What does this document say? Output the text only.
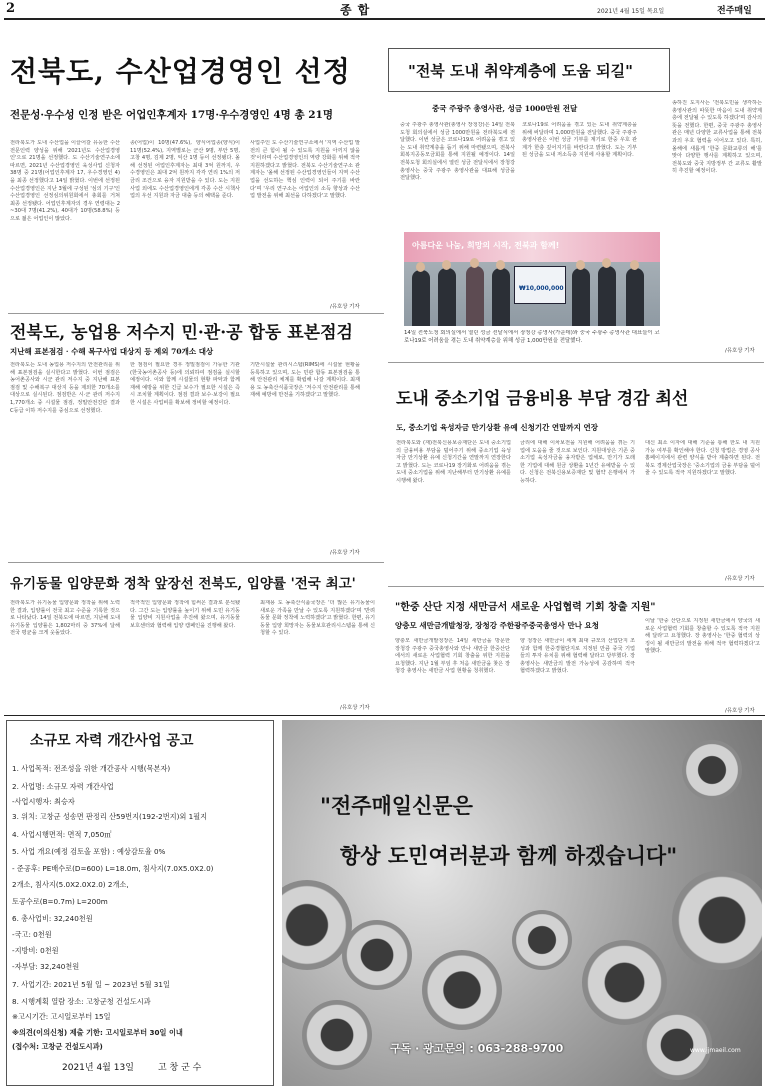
2	종합	2021년 4월 15일 목요일	전주매일
전북도, 수산업경영인 선정
전문성·우수성 인정 받은 어업인후계자 17명·우수경영인 4명 총 21명
전라북도가 도내 수산업을 이끌어갈 유능한 수산 전문인력 양성을 위해 '2021년도 수산업경영인'으로 21명을 선정했다. 도 수산기술연구소에 따르면, 2021년 수산업경영인 육성사업 신청자 38명 중 21명(어업인후계자 17, 우수경영인 4)을 최종 선정했다고 14일 밝혔다. 이번에 선정된 수산업경영인은 지난 3월에 구성된 '심의 기구'인 수산업경영인 선정심의위원회에서 총회를 거쳐 최종 선정됐다. 어업인후계자의 경우 연령대는 2~30대 7명(41.2%), 40대가 10명(58.8%) 등으로 젊은 어업인이 많았다.
종(어업)이 10명(47.6%), 양식어업종(양식)이 11명(52.4%), 지역별로는 군산 9명, 부안 5명, 고창 4명, 김제 2명, 익산 1명 등이 선정됐다. 올해 선정된 어업인후계자는 최대 3억 원까지, 우수경영인은 최대 2억 원까지 각각 연리 1%의 저금리 조건으로 융자 지원받을 수 있다. 도는 지원사업 외에도 수산업경영인에게 각종 수산 시책사업의 우선 지원과 자금 대출 등의 혜택을 준다.
사업주인 도 수산기술연구소에서 '지역 수산업 발전의 큰 힘이 될 수 있도록 지원을 아끼지 않을 것'이라며 수산업경영인의 역량 강화를 위해 적극 지원하겠다고 밝혔다. 전북도 수산기술연구소 관계자는 '올해 선정된 수산업경영인들이 지역 수산업을 선도하는 핵심 인력이 되어 주기를 바란다'며 '우리 연구소는 어업인의 소득 향상과 수산업 발전을 위해 최선을 다하겠다'고 말했다.
/유호상 기자
"전북 도내 취약계층에 도움 되길"
중국 주광주 총영사관, 성금 1000만원 전달
중국 주광주 총영사관(총영사 장청강)은 14일 전북도청 회의실에서 성금 1000만원을 전라북도에 전달했다. 이번 성금은 코로나19로 어려움을 겪고 있는 도내 취약계층을 돕기 위해 마련됐으며, 전북사회복지공동모금회를 통해 지원될 예정이다. 14일 전북도청 회의실에서 열린 성금 전달식에서 장청강 총영사는 중국 주광주 총영사관을 대표해 성금을 전달했다.
코로나19로 어려움을 겪고 있는 도내 취약계층을 위해 써달라며 1,000만원을 전달했다. 중국 주광주 총영사관은 이번 성금 기부를 계기로 한중 우호 관계가 한층 깊어지기를 바란다고 밝혔다. 도는 기부된 성금을 도내 저소득층 지원에 사용할 계획이다.
송하진 도지사는 '전북도민을 생각하는 총영사관의 따뜻한 마음이 도내 취약계층에 전달될 수 있도록 하겠다'며 감사의 뜻을 전했다. 한편, 중국 주광주 총영사관은 매년 다양한 교류사업을 통해 전북과의 우호 협력을 이어오고 있다. 특히, 올해에 새롭게 '한중 문화교류의 해'를 맞아 다양한 행사를 계획하고 있으며, 전북도와 중국 지방정부 간 교류도 활발히 추진할 예정이다.
/유호상 기자
아름다운 나눔, 희망의 시작, 전북과 함께!
₩10,000,000
14일 전북도청 회의실에서 열린 성금 전달식에서 장청강 총영사(가운데)와 중국 주광주 총영사관 대표들이 코로나19로 어려움을 겪는 도내 취약계층을 위해 성금 1,000만원을 전달했다.
전북도, 농업용 저수지 민·관·공 합동 표본점검
지난해 표본점검 · 수해 복구사업 대상지 등 제외 70개소 대상
전라북도는 도내 농업용 저수지의 안전관리를 위해 표본점검을 실시한다고 밝혔다. 이번 점검은 농어촌공사와 시군 관리 저수지 중 지난해 표본점검 및 수해복구 대상지 등을 제외한 70개소를 대상으로 실시된다. 점검반은 시·군 관리 저수지 1,770개소 중 시설물 점검, 정밀안전진단 결과 C등급 이하 저수지를 중심으로 선정했다.
한 점검이 필요한 경우 정밀점검이 가능한 기관(한국농어촌공사 등)에 의뢰하여 점검을 실시할 예정이다. 이와 함께 시설물의 현황 파악과 함께 재해 예방을 위한 긴급 보수가 필요한 시설은 즉시 조치할 계획이다. 점검 결과 보수·보강이 필요한 시설은 사업비를 확보해 정비할 예정이다.
기반시설물 관리시스템(RIMS)에 시설물 현황을 등록하고 있으며, 도는 민관 합동 표본점검을 통해 안전관리 체계를 확립해 나갈 계획이다. 최재용 도 농축산식품국장은 '저수지 안전관리를 통해 재해 예방에 만전을 기하겠다'고 말했다.
/유호상 기자
도내 중소기업 금융비용 부담 경감 최선
도, 중소기업 육성자금 만기상환 유예 신청기간 연말까지 연장
전라북도와 (재)전북신용보증재단은 도내 중소기업의 금융비용 부담을 덜어주기 위해 중소기업 육성자금 만기상환 유예 신청기간을 연말까지 연장한다고 밝혔다. 도는 코로나19 장기화로 어려움을 겪는 도내 중소기업을 위해 지난해부터 만기상환 유예를 시행해 왔다.
금리에 대해 이차보전을 지원해 어려움을 겪는 기업에 도움을 줄 것으로 보인다. 지원대상은 기존 중소기업 육성자금을 융자받은 업체로, 만기가 도래한 기업에 대해 원금 상환을 1년간 유예받을 수 있다. 신청은 전북신용보증재단 및 협약 은행에서 가능하다.
대신 최소 이자에 대해 기준을 통해 한도 내 지원 가능 여부를 확인해야 한다. 신청 방법은 경영 공사 홈페이지에서 관련 양식을 받아 제출하면 된다. 전북도 경제산업국장은 '중소기업의 금융 부담을 덜어줄 수 있도록 적극 지원하겠다'고 말했다.
/유호상 기자
유기동물 입양문화 정착 앞장선 전북도, 입양률 '전국 최고'
전라북도가 유기동물 입양문화 정착을 위해 노력한 결과, 입양률이 전국 최고 수준을 기록한 것으로 나타났다. 14일 전북도에 따르면, 지난해 도내 유기동물 입양률은 1,802마리 중 37%에 달해 전국 평균을 크게 웃돌았다.
적극적인 입양문화 정착에 힘써온 결과로 분석됐다. 그간 도는 입양률을 높이기 위해 도민 유기동물 입양비 지원사업을 추진해 왔으며, 유기동물 보호센터와 협력해 입양 캠페인을 진행해 왔다.
최재용 도 농축산식품국장은 '더 많은 유기동물이 새로운 가족을 만날 수 있도록 지원하겠다'며 '반려동물 문화 정착에 노력하겠다'고 밝혔다. 한편, 유기동물 입양 희망자는 동물보호관리시스템을 통해 신청할 수 있다.
/유호상 기자
"한중 산단 지정 새만금서 새로운 사업협력 기회 창출 지원"
양충모 새만금개발청장, 장청강 주한광주중국총영사 만나 요청
양충모 새만금개발청장은 14일 새만금을 방문한 장청강 주광주 중국총영사와 만나 새만금 한중산단에서의 새로운 사업협력 기회 창출을 위한 지원을 요청했다. 지난 1월 부임 후 처음 새만금을 찾은 장청강 총영사는 새만금 사업 현황을 청취했다.
양 청장은 새만금이 세계 최대 규모의 산업단지 조성과 함께 한중경협단지로 지정된 만큼 중국 기업들의 투자 유치를 위해 협력해 달라고 당부했다. 장 총영사는 새만금의 발전 가능성에 공감하며 적극 협력하겠다고 밝혔다.
이날 '한중 산단으로 지정된 새만금에서 양국의 새로운 사업협력 기회를 창출할 수 있도록 적극 지원해 달라'고 요청했다. 장 총영사는 '한중 협력의 상징이 될 새만금의 발전을 위해 적극 협력하겠다'고 말했다.
/유호상 기자
소규모 자력 개간사업 공고
1. 사업목적: 전조성을 위한 개간공사 시행(목본자)
2. 사업명: 소규모 자력 개간사업
-사업시행자: 최승자
3. 위치: 고창군 성송면 판정리 산59번지(192-2번지)외 1필지
4. 사업시행면적: 면적 7,050㎡
5. 사업 개요(예정 검토올 포함) : 예상감토율 0%
- 준공후: PE배수로(D=600) L=18.0m, 침사지(7.0X5.0X2.0)
2개소, 침사지(5.0X2.0X2.0) 2개소,
토공수로(B=0.7m) L=200m
6. 총사업비: 32,240천원
-국고: 0천원
-지방비: 0천원
-자부담: 32,240천원
7. 사업기간: 2021년 5월 일 ~ 2023년 5월 31일
8. 시행계획 열람 장소: 고창군청 건설도시과
※고시기간: 고시일로부터 15일
※의견(이의신청) 제출 기한: 고시일로부터 30일 이내
(접수처: 고창군 건설도시과)
2021년 4월 13일	고 창 군 수
"전주매일신문은
항상 도민여러분과 함께 하겠습니다"
구독 · 광고문의 : 063-288-9700	www.jjmaeil.com
